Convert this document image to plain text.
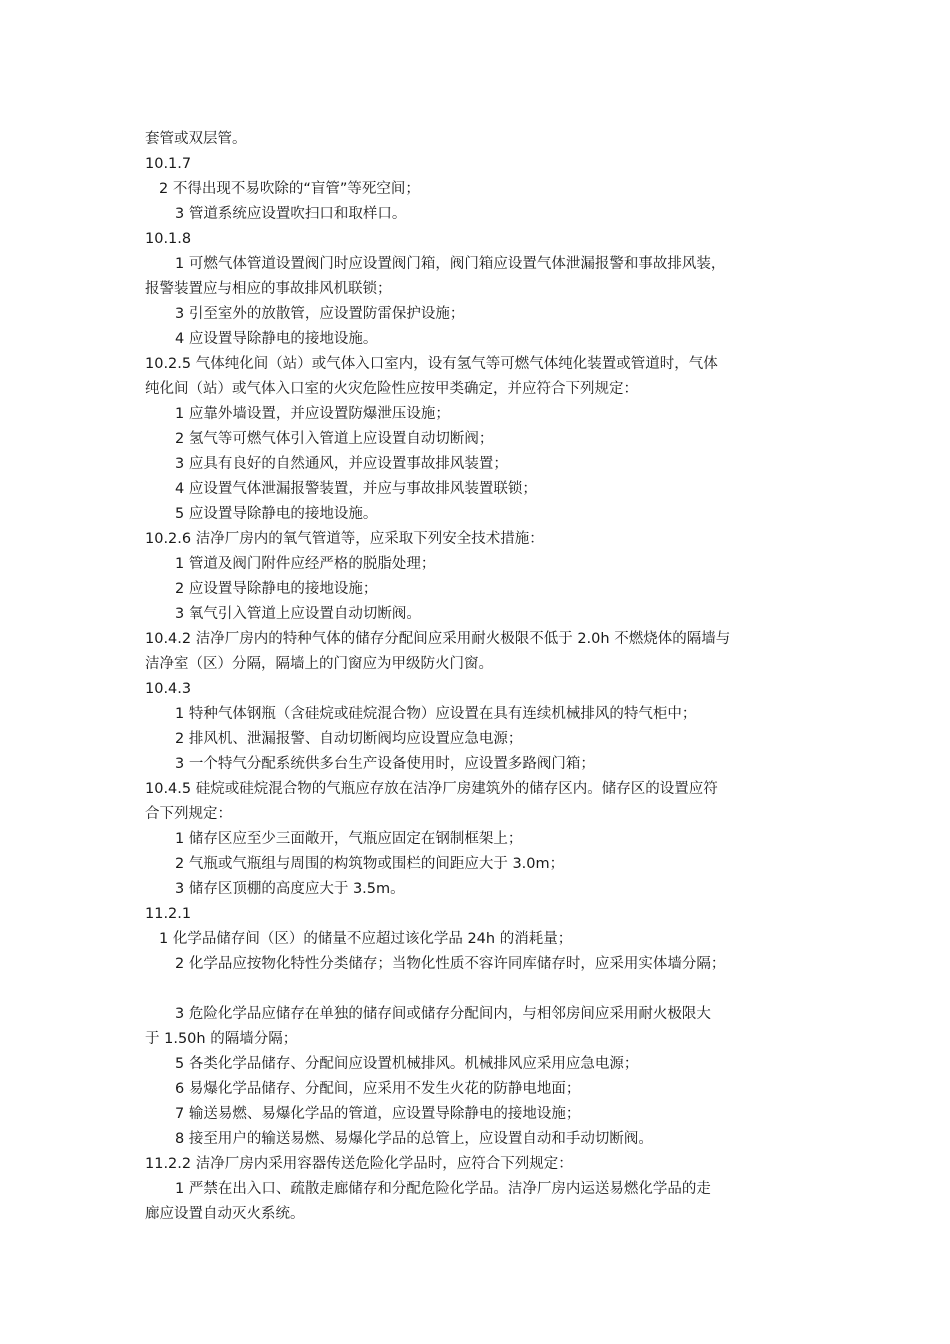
套管或双层管。
10.1.7
2 不得出现不易吹除的“盲管”等死空间；
3 管道系统应设置吹扫口和取样口。
10.1.8
1 可燃气体管道设置阀门时应设置阀门箱，阀门箱应设置气体泄漏报警和事故排风装，
报警装置应与相应的事故排风机联锁；
3 引至室外的放散管，应设置防雷保护设施；
4 应设置导除静电的接地设施。
10.2.5 气体纯化间（站）或气体入口室内，设有氢气等可燃气体纯化装置或管道时，气体
纯化间（站）或气体入口室的火灾危险性应按甲类确定，并应符合下列规定：
1 应靠外墙设置，并应设置防爆泄压设施；
2 氢气等可燃气体引入管道上应设置自动切断阀；
3 应具有良好的自然通风，并应设置事故排风装置；
4 应设置气体泄漏报警装置，并应与事故排风装置联锁；
5 应设置导除静电的接地设施。
10.2.6 洁净厂房内的氧气管道等，应采取下列安全技术措施：
1 管道及阀门附件应经严格的脱脂处理；
2 应设置导除静电的接地设施；
3 氧气引入管道上应设置自动切断阀。
10.4.2 洁净厂房内的特种气体的储存分配间应采用耐火极限不低于 2.0h 不燃烧体的隔墙与
洁净室（区）分隔，隔墙上的门窗应为甲级防火门窗。
10.4.3
1 特种气体钢瓶（含硅烷或硅烷混合物）应设置在具有连续机械排风的特气柜中；
2 排风机、泄漏报警、自动切断阀均应设置应急电源；
3 一个特气分配系统供多台生产设备使用时，应设置多路阀门箱；
10.4.5 硅烷或硅烷混合物的气瓶应存放在洁净厂房建筑外的储存区内。储存区的设置应符
合下列规定：
1 储存区应至少三面敞开，气瓶应固定在钢制框架上；
2 气瓶或气瓶组与周围的构筑物或围栏的间距应大于 3.0m；
3 储存区顶棚的高度应大于 3.5m。
11.2.1
1 化学品储存间（区）的储量不应超过该化学品 24h 的消耗量；
2 化学品应按物化特性分类储存；当物化性质不容许同库储存时，应采用实体墙分隔；
3 危险化学品应储存在单独的储存间或储存分配间内，与相邻房间应采用耐火极限大
于 1.50h 的隔墙分隔；
5 各类化学品储存、分配间应设置机械排风。机械排风应采用应急电源；
6 易爆化学品储存、分配间，应采用不发生火花的防静电地面；
7 输送易燃、易爆化学品的管道，应设置导除静电的接地设施；
8 接至用户的输送易燃、易爆化学品的总管上，应设置自动和手动切断阀。
11.2.2 洁净厂房内采用容器传送危险化学品时，应符合下列规定：
1 严禁在出入口、疏散走廊储存和分配危险化学品。洁净厂房内运送易燃化学品的走
廊应设置自动灭火系统。
